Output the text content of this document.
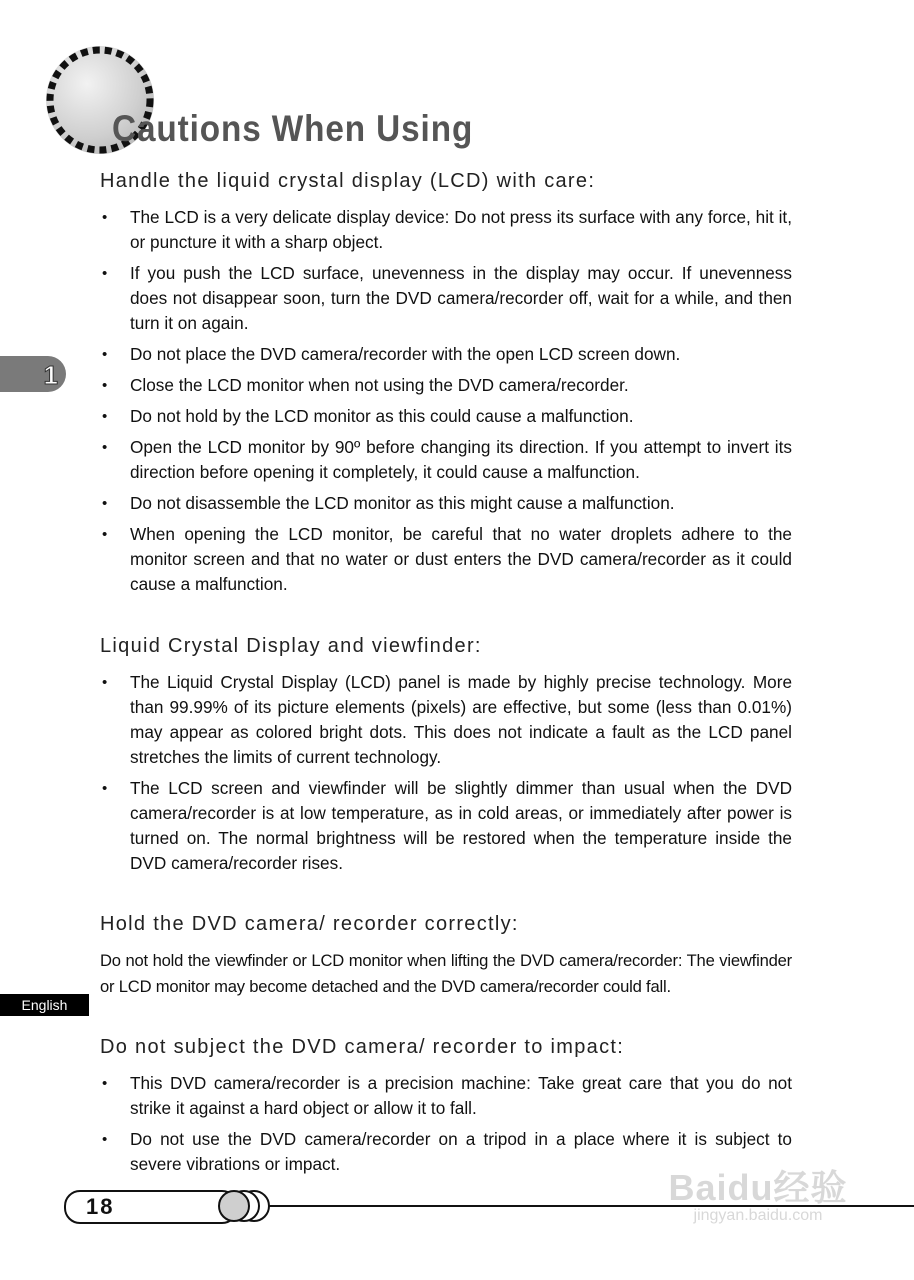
Cautions When Using
1
English
Handle the liquid crystal display (LCD) with care:
• The LCD is a very delicate display device: Do not press its surface with any force, hit it, or puncture it with a sharp object.
• If you push the LCD surface, unevenness in the display may occur. If unevenness does not disappear soon, turn the DVD camera/recorder off, wait for a while, and then turn it on again.
• Do not place the DVD camera/recorder with the open LCD screen down.
• Close the LCD monitor when not using the DVD camera/recorder.
• Do not hold by the LCD monitor as this could cause a malfunction.
• Open the LCD monitor by 90º before changing its direction. If you attempt to invert its direction before opening it completely, it could cause a malfunction.
• Do not disassemble the LCD monitor as this might cause a malfunction.
• When opening the LCD monitor, be careful that no water droplets adhere to the monitor screen and that no water or dust enters the DVD camera/recorder as it could cause a malfunction.
Liquid Crystal Display and viewfinder:
• The Liquid Crystal Display (LCD) panel is made by highly precise technology. More than 99.99% of its picture elements (pixels) are effective, but some (less than 0.01%) may appear as colored bright dots. This does not indicate a fault as the LCD panel stretches the limits of current technology.
• The LCD screen and viewfinder will be slightly dimmer than usual when the DVD camera/recorder is at low temperature, as in cold areas, or immediately after power is turned on. The normal brightness will be restored when the temperature inside the DVD camera/recorder rises.
Hold the DVD camera/ recorder correctly:

Do not hold the viewfinder or LCD monitor when lifting the DVD camera/recorder: The viewfinder or LCD monitor may become detached and the DVD camera/recorder could fall.

Do not subject the DVD camera/ recorder to impact:
• This DVD camera/recorder is a precision machine: Take great care that you do not strike it against a hard object or allow it to fall.
• Do not use the DVD camera/recorder on a tripod in a place where it is subject to severe vibrations or impact.
18	Baidu经验
jingyan.baidu.com
